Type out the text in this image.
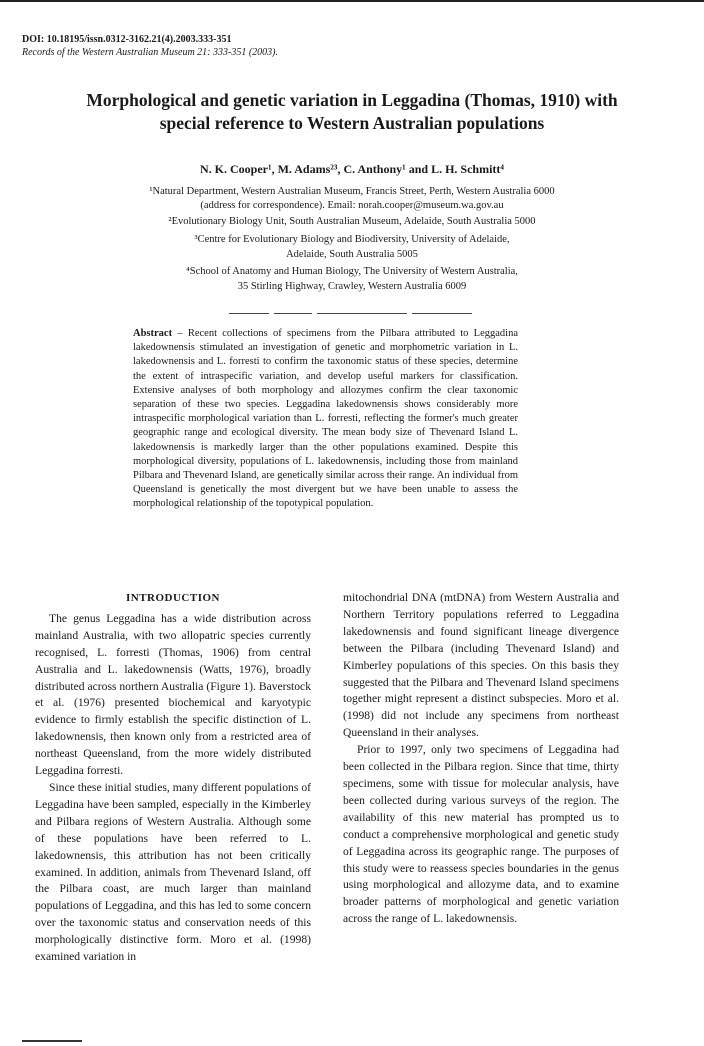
DOI: 10.18195/issn.0312-3162.21(4).2003.333-351
Records of the Western Australian Museum 21: 333-351 (2003).
Morphological and genetic variation in Leggadina (Thomas, 1910) with
special reference to Western Australian populations
N. K. Cooper¹, M. Adams²³, C. Anthony¹ and L. H. Schmitt⁴
¹Natural Department, Western Australian Museum, Francis Street, Perth, Western Australia 6000
(address for correspondence). Email: norah.cooper@museum.wa.gov.au
²Evolutionary Biology Unit, South Australian Museum, Adelaide, South Australia 5000
³Centre for Evolutionary Biology and Biodiversity, University of Adelaide,
Adelaide, South Australia 5005
⁴School of Anatomy and Human Biology, The University of Western Australia,
35 Stirling Highway, Crawley, Western Australia 6009
Abstract – Recent collections of specimens from the Pilbara attributed to Leggadina lakedownensis stimulated an investigation of genetic and morphometric variation in L. lakedownensis and L. forresti to confirm the taxonomic status of these species, determine the extent of intraspecific variation, and develop useful markers for classification. Extensive analyses of both morphology and allozymes confirm the clear taxonomic separation of these two species. Leggadina lakedownensis shows considerably more intraspecific morphological variation than L. forresti, reflecting the former's much greater geographic range and ecological diversity. The mean body size of Thevenard Island L. lakedownensis is markedly larger than the other populations examined. Despite this morphological diversity, populations of L. lakedownensis, including those from mainland Pilbara and Thevenard Island, are genetically similar across their range. An individual from Queensland is genetically the most divergent but we have been unable to assess the morphological relationship of the topotypical population.
INTRODUCTION

The genus Leggadina has a wide distribution across mainland Australia, with two allopatric species currently recognised, L. forresti (Thomas, 1906) from central Australia and L. lakedownensis (Watts, 1976), broadly distributed across northern Australia (Figure 1). Baverstock et al. (1976) presented biochemical and karyotypic evidence to firmly establish the specific distinction of L. lakedownensis, then known only from a restricted area of northeast Queensland, from the more widely distributed Leggadina forresti.

Since these initial studies, many different populations of Leggadina have been sampled, especially in the Kimberley and Pilbara regions of Western Australia. Although some of these populations have been referred to L. lakedownensis, this attribution has not been critically examined. In addition, animals from Thevenard Island, off the Pilbara coast, are much larger than mainland populations of Leggadina, and this has led to some concern over the taxonomic status and conservation needs of this morphologically distinctive form. Moro et al. (1998) examined variation in

mitochondrial DNA (mtDNA) from Western Australia and Northern Territory populations referred to Leggadina lakedownensis and found significant lineage divergence between the Pilbara (including Thevenard Island) and Kimberley populations of this species. On this basis they suggested that the Pilbara and Thevenard Island specimens together might represent a distinct subspecies. Moro et al. (1998) did not include any specimens from northeast Queensland in their analyses.

Prior to 1997, only two specimens of Leggadina had been collected in the Pilbara region. Since that time, thirty specimens, some with tissue for molecular analysis, have been collected during various surveys of the region. The availability of this new material has prompted us to conduct a comprehensive morphological and genetic study of Leggadina across its geographic range. The purposes of this study were to reassess species boundaries in the genus using morphological and allozyme data, and to examine broader patterns of morphological and genetic variation across the range of L. lakedownensis.
